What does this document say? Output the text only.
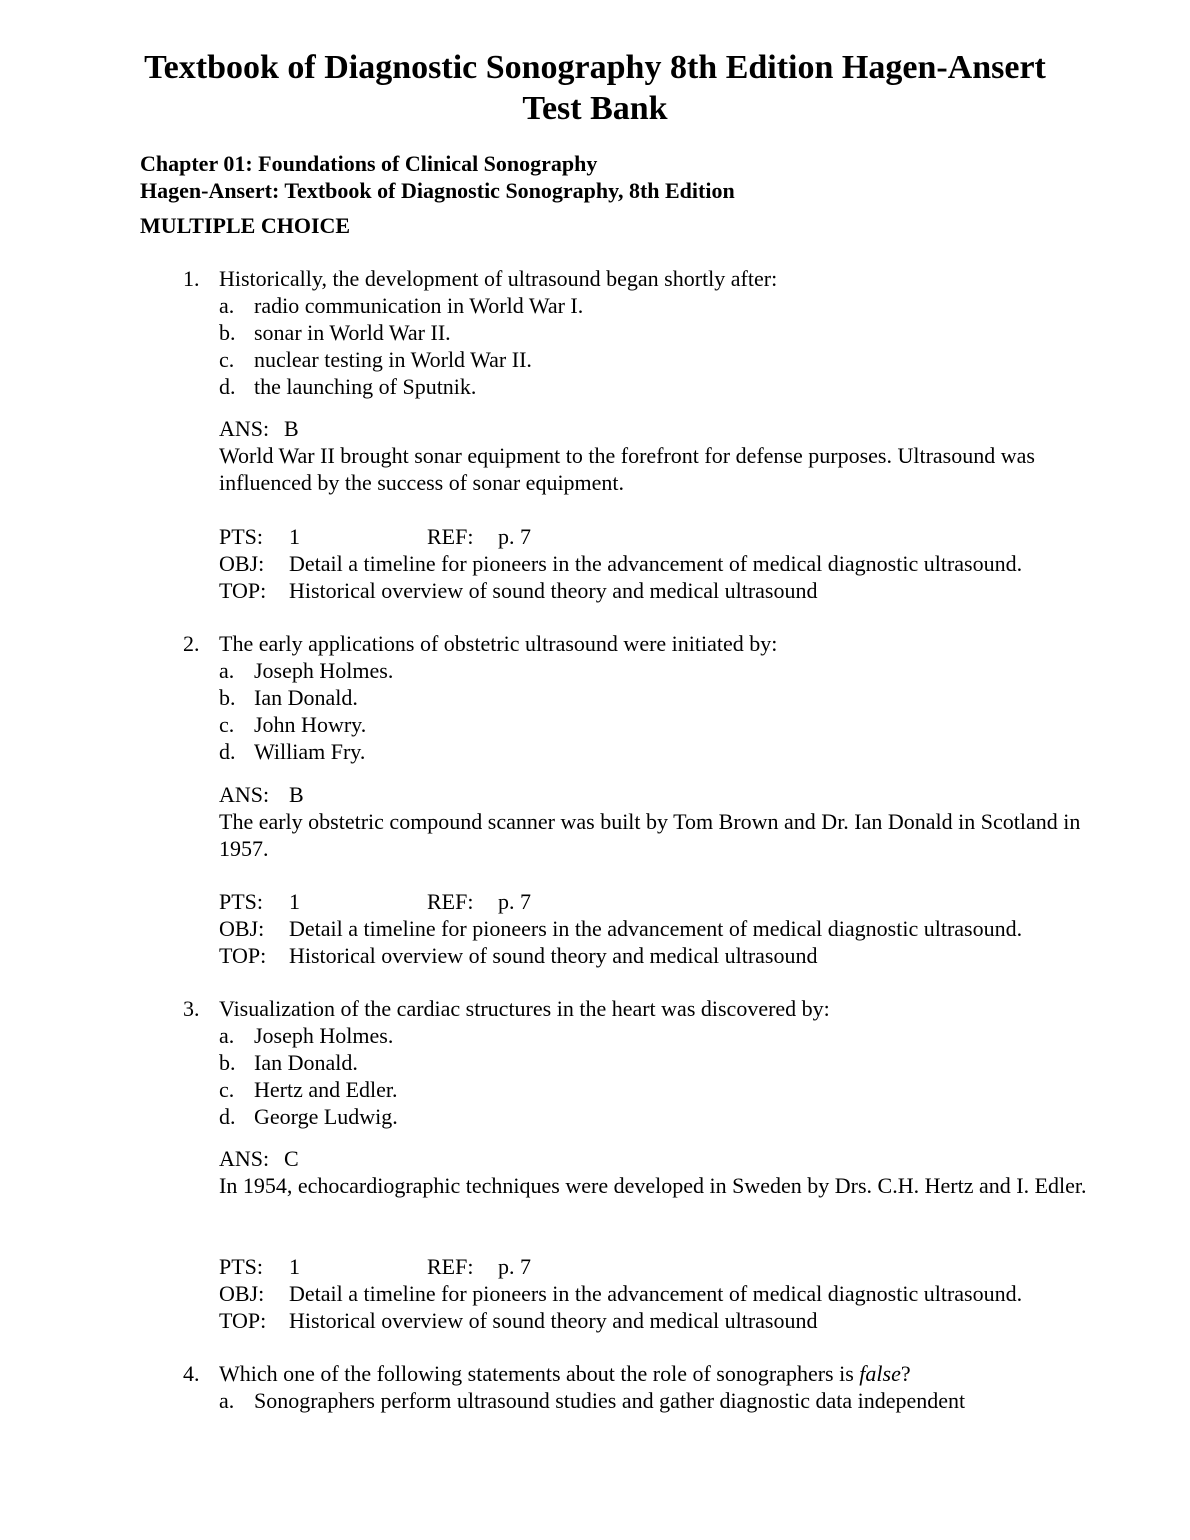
Textbook of Diagnostic Sonography 8th Edition Hagen-Ansert
Test Bank
Chapter 01: Foundations of Clinical Sonography
Hagen-Ansert: Textbook of Diagnostic Sonography, 8th Edition
MULTIPLE CHOICE
1. Historically, the development of ultrasound began shortly after:
a. radio communication in World War I.
b. sonar in World War II.
c. nuclear testing in World War II.
d. the launching of Sputnik.
ANS: B
World War II brought sonar equipment to the forefront for defense purposes. Ultrasound was influenced by the success of sonar equipment.
PTS:	1	REF:	p. 7
OBJ:	Detail a timeline for pioneers in the advancement of medical diagnostic ultrasound.
TOP:	Historical overview of sound theory and medical ultrasound
2. The early applications of obstetric ultrasound were initiated by:
a. Joseph Holmes.
b. Ian Donald.
c. John Howry.
d. William Fry.
ANS: B
The early obstetric compound scanner was built by Tom Brown and Dr. Ian Donald in Scotland in 1957.
PTS:	1	REF:	p. 7
OBJ:	Detail a timeline for pioneers in the advancement of medical diagnostic ultrasound.
TOP:	Historical overview of sound theory and medical ultrasound
3. Visualization of the cardiac structures in the heart was discovered by:
a. Joseph Holmes.
b. Ian Donald.
c. Hertz and Edler.
d. George Ludwig.
ANS: C
In 1954, echocardiographic techniques were developed in Sweden by Drs. C.H. Hertz and I. Edler.
PTS:	1	REF:	p. 7
OBJ:	Detail a timeline for pioneers in the advancement of medical diagnostic ultrasound.
TOP:	Historical overview of sound theory and medical ultrasound
4. Which one of the following statements about the role of sonographers is false?
a. Sonographers perform ultrasound studies and gather diagnostic data independent
